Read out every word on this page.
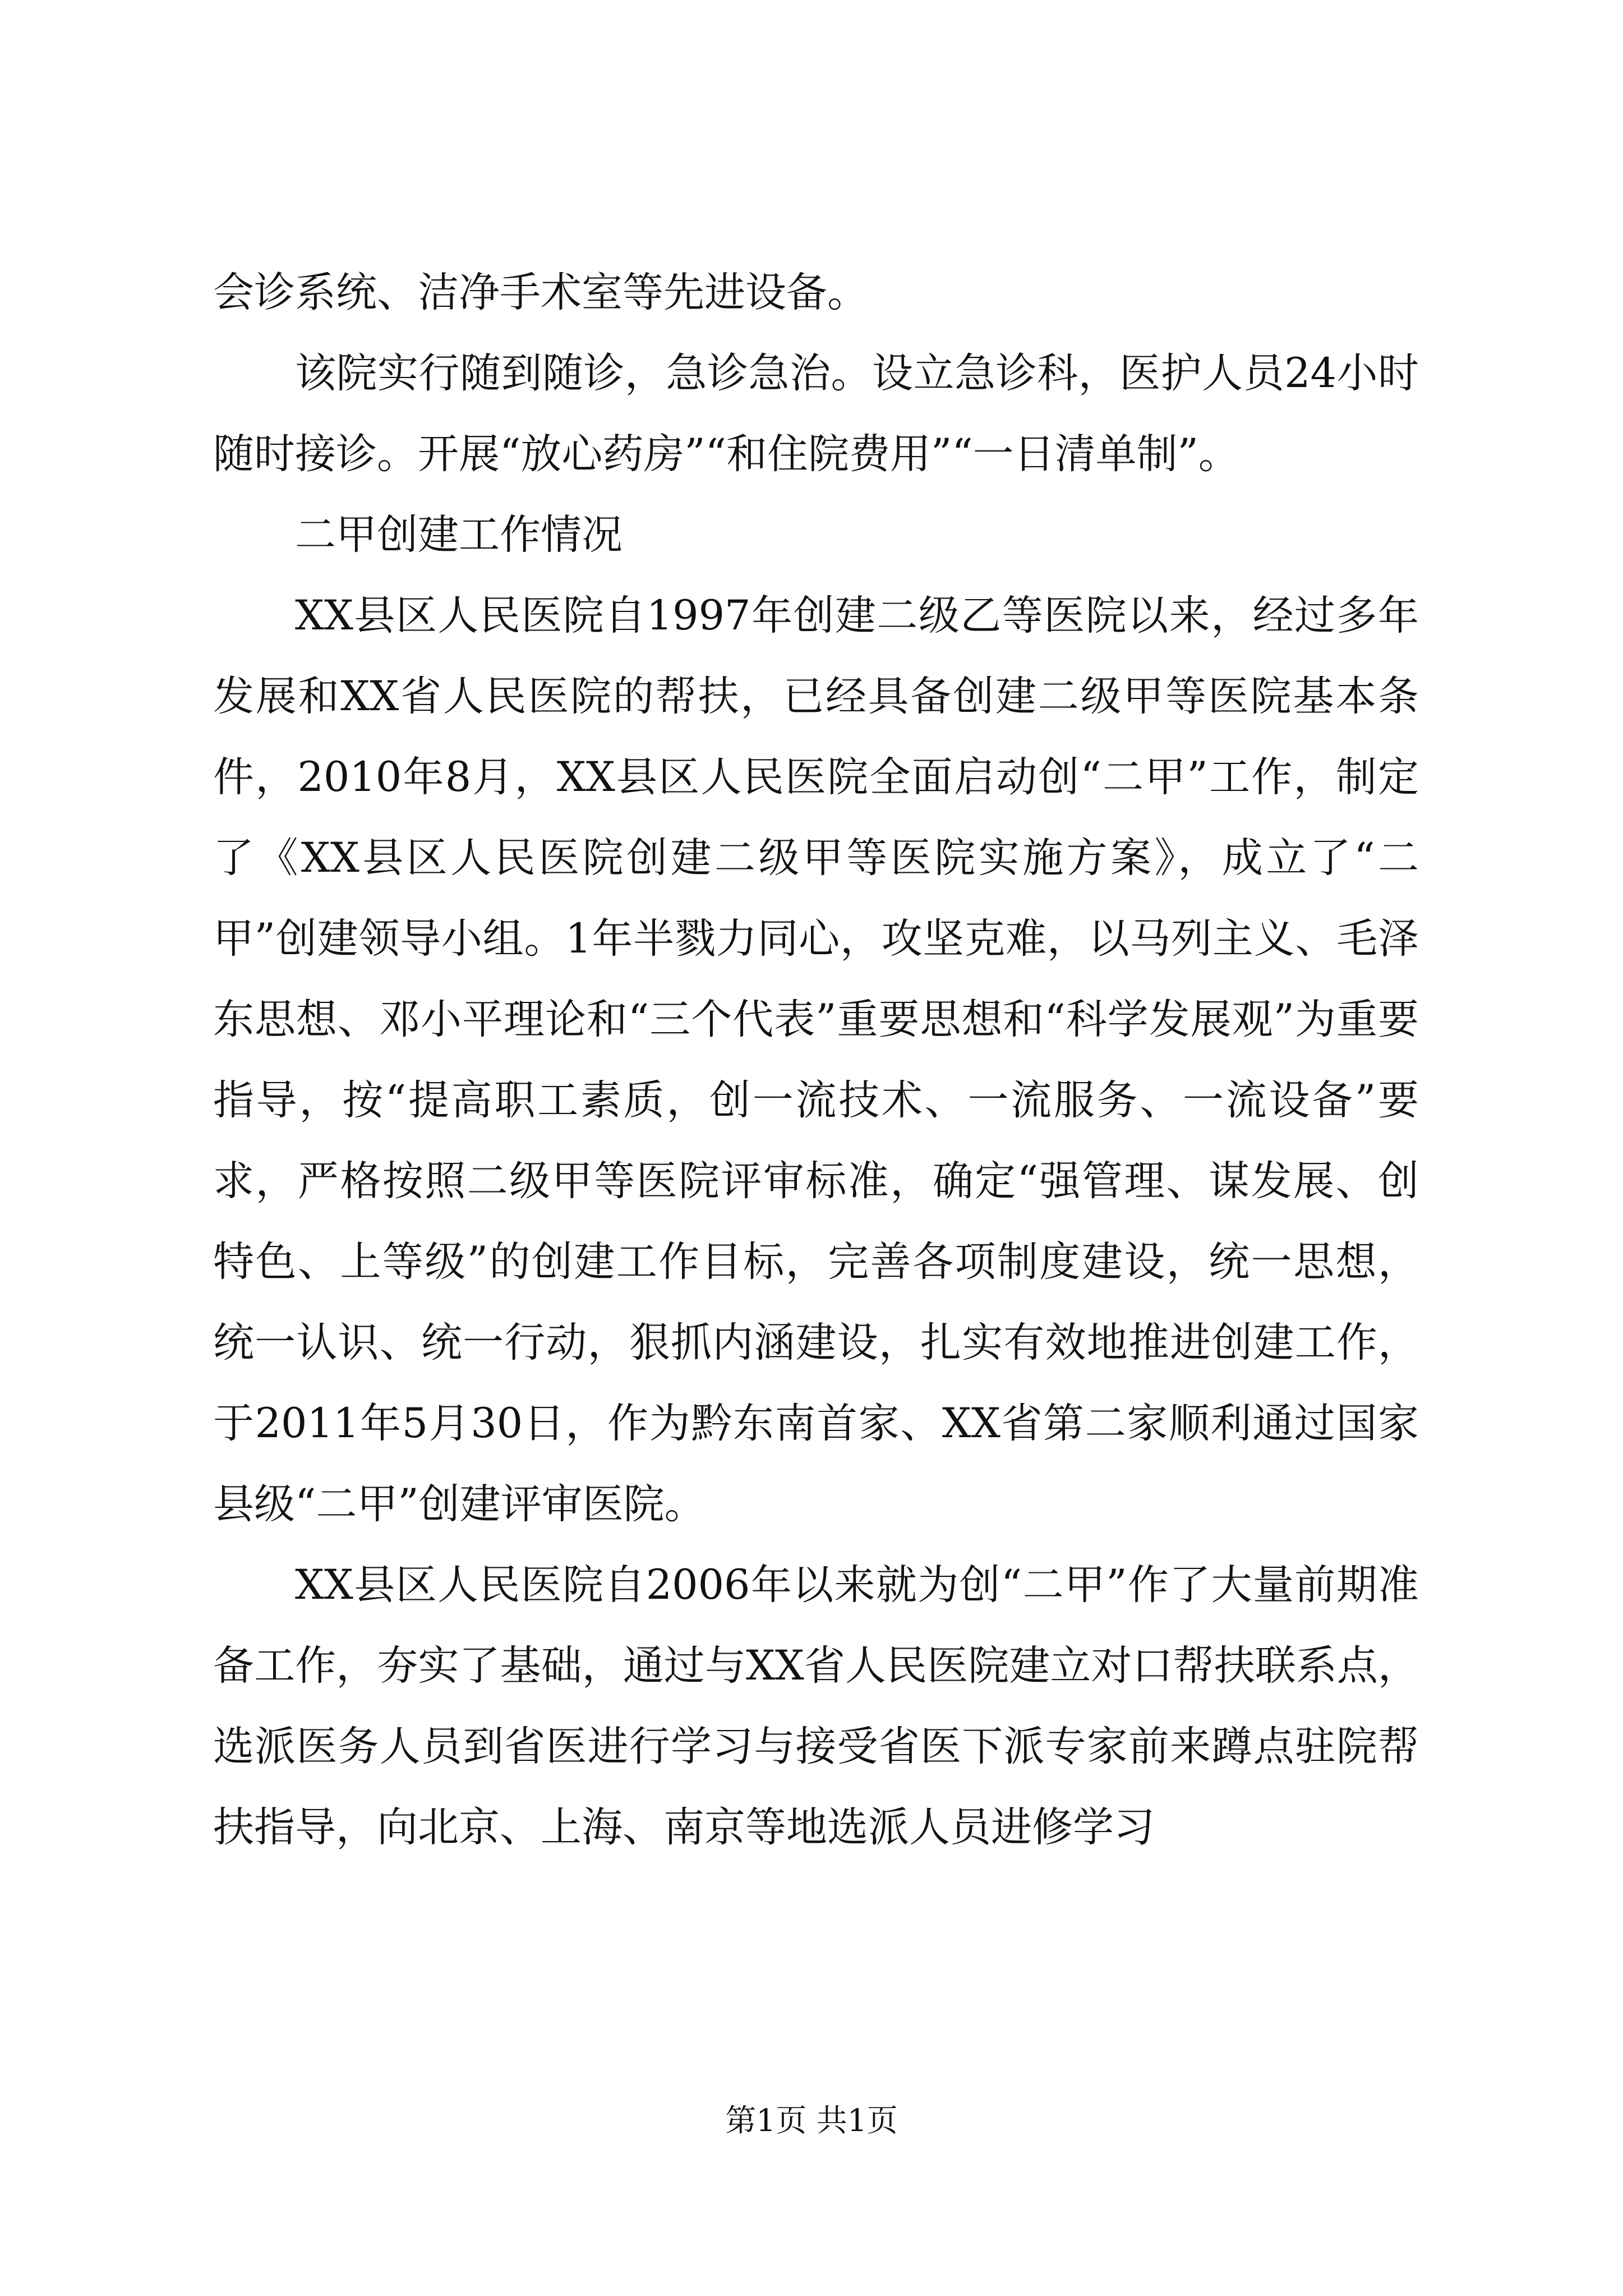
会诊系统、洁净手术室等先进设备。

该院实行随到随诊，急诊急治。设立急诊科，医护人员24小时随时接诊。开展“放心药房”“和住院费用”“一日清单制”。

二甲创建工作情况

XX县区人民医院自1997年创建二级乙等医院以来，经过多年发展和XX省人民医院的帮扶，已经具备创建二级甲等医院基本条件，2010年8月，XX县区人民医院全面启动创“二甲”工作，制定了《XX县区人民医院创建二级甲等医院实施方案》，成立了“二甲”创建领导小组。1年半戮力同心，攻坚克难，以马列主义、毛泽东思想、邓小平理论和“三个代表”重要思想和“科学发展观”为重要指导，按“提高职工素质，创一流技术、一流服务、一流设备”要求，严格按照二级甲等医院评审标准，确定“强管理、谋发展、创特色、上等级”的创建工作目标，完善各项制度建设，统一思想，统一认识、统一行动，狠抓内涵建设，扎实有效地推进创建工作，于2011年5月30日，作为黔东南首家、XX省第二家顺利通过国家县级“二甲”创建评审医院。

XX县区人民医院自2006年以来就为创“二甲”作了大量前期准备工作，夯实了基础，通过与XX省人民医院建立对口帮扶联系点，选派医务人员到省医进行学习与接受省医下派专家前来蹲点驻院帮扶指导，向北京、上海、南京等地选派人员进修学习

第1页 共1页
